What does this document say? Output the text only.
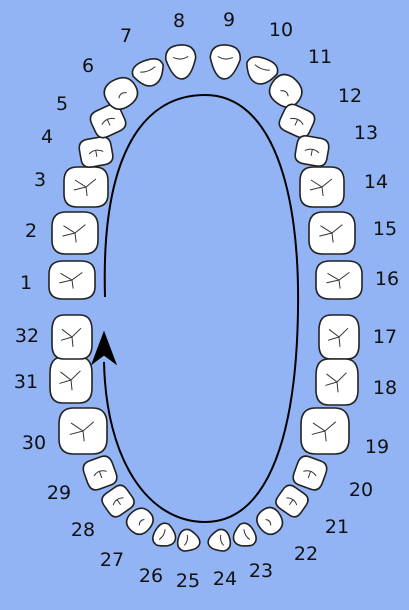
1
2
3
4
5
6
7
8 9 10
11
12
13
14
15
16
17
18
19
20
21
22
23
24
25
26
27
28
29
30
31
32
